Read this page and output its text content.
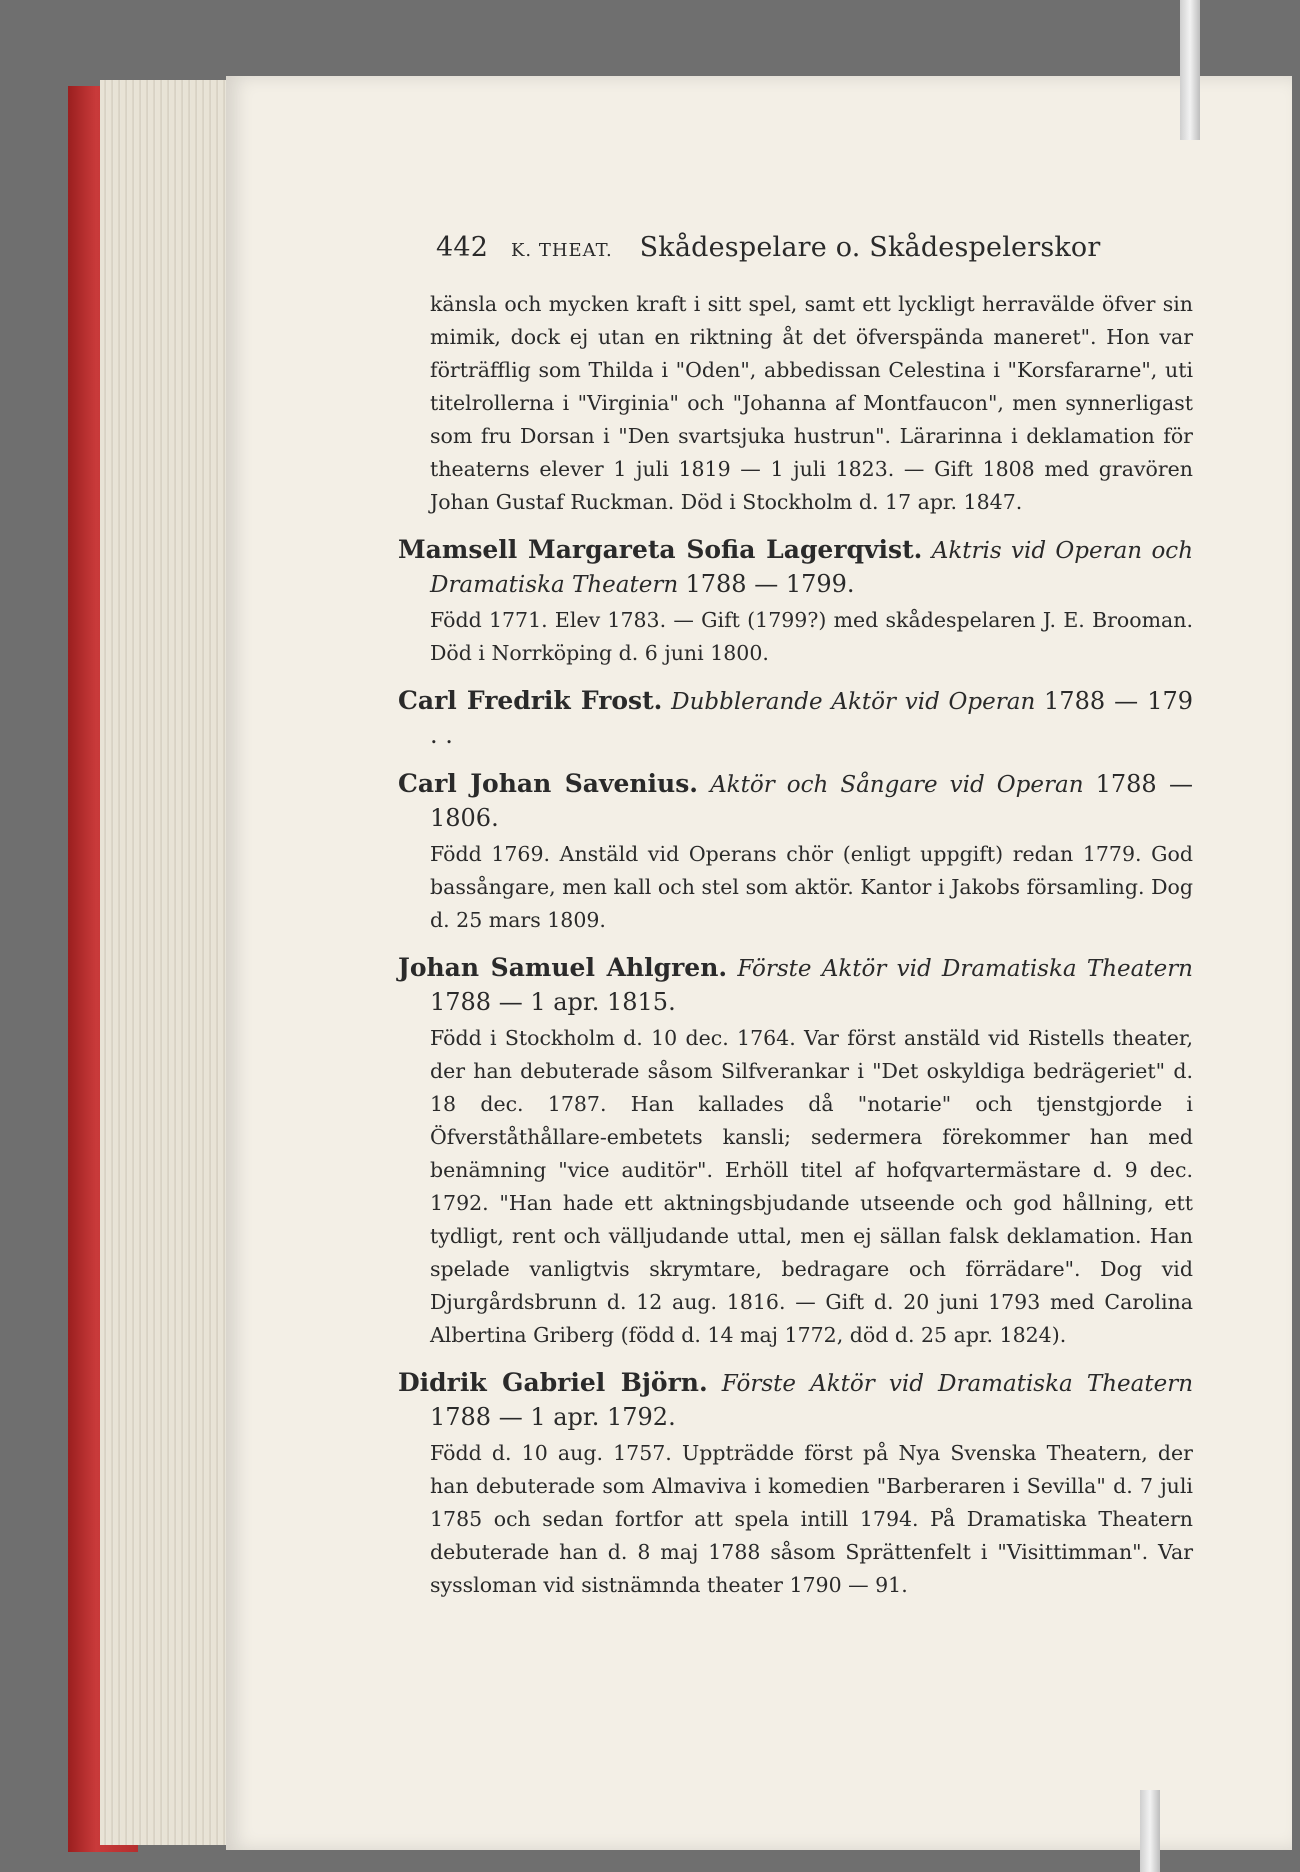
442 K. THEAT. Skådespelare o. Skådespelerskor

känsla och mycken kraft i sitt spel, samt ett lyckligt herravälde öfver sin mimik, dock ej utan en riktning åt det öfverspända maneret". Hon var förträfflig som Thilda i "Oden", abbedissan Celestina i "Korsfararne", uti titelrollerna i "Virginia" och "Johanna af Montfaucon", men synnerligast som fru Dorsan i "Den svartsjuka hustrun". Lärarinna i deklamation för theaterns elever 1 juli 1819 — 1 juli 1823. — Gift 1808 med gravören Johan Gustaf Ruckman. Död i Stockholm d. 17 apr. 1847.

Mamsell Margareta Sofia Lagerqvist. Aktris vid Operan och Dramatiska Theatern 1788 — 1799.

Född 1771. Elev 1783. — Gift (1799?) med skådespelaren J. E. Brooman. Död i Norrköping d. 6 juni 1800.

Carl Fredrik Frost. Dubblerande Aktör vid Operan 1788 — 179 . .

Carl Johan Savenius. Aktör och Sångare vid Operan 1788 — 1806.

Född 1769. Anstäld vid Operans chör (enligt uppgift) redan 1779. God bassångare, men kall och stel som aktör. Kantor i Jakobs församling. Dog d. 25 mars 1809.

Johan Samuel Ahlgren. Förste Aktör vid Dramatiska Theatern 1788 — 1 apr. 1815.

Född i Stockholm d. 10 dec. 1764. Var först anstäld vid Ristells theater, der han debuterade såsom Silfverankar i "Det oskyldiga bedrägeriet" d. 18 dec. 1787. Han kallades då "notarie" och tjenstgjorde i Öfverståthållare-embetets kansli; sedermera förekommer han med benämning "vice auditör". Erhöll titel af hofqvartermästare d. 9 dec. 1792. "Han hade ett aktningsbjudande utseende och god hållning, ett tydligt, rent och välljudande uttal, men ej sällan falsk deklamation. Han spelade vanligtvis skrymtare, bedragare och förrädare". Dog vid Djurgårdsbrunn d. 12 aug. 1816. — Gift d. 20 juni 1793 med Carolina Albertina Griberg (född d. 14 maj 1772, död d. 25 apr. 1824).

Didrik Gabriel Björn. Förste Aktör vid Dramatiska Theatern 1788 — 1 apr. 1792.

Född d. 10 aug. 1757. Uppträdde först på Nya Svenska Theatern, der han debuterade som Almaviva i komedien "Barberaren i Sevilla" d. 7 juli 1785 och sedan fortfor att spela intill 1794. På Dramatiska Theatern debuterade han d. 8 maj 1788 såsom Sprättenfelt i "Visittimman". Var syssloman vid sistnämnda theater 1790 — 91.
